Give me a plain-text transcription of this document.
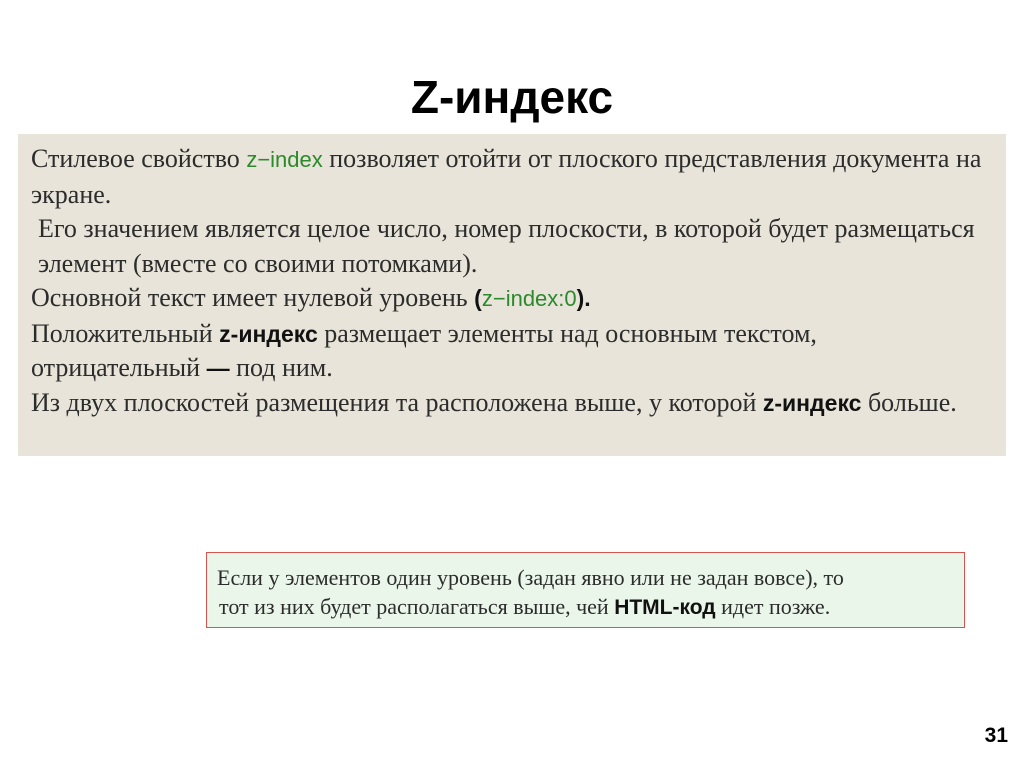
Z-индекс

Стилевое свойство z−index позволяет отойти от плоского представления документа на экране.

Его значением является целое число, номер плоскости, в которой будет размещаться элемент (вместе со своими потомками).

Основной текст имеет нулевой уровень (z−index:0).

Положительный z-индекс размещает элементы над основным текстом, отрицательный — под ним.

Из двух плоскостей размещения та расположена выше, у которой z-индекс больше.

Если у элементов один уровень (задан явно или не задан вовсе), то

тот из них будет располагаться выше, чей HTML-код идет позже.

31
